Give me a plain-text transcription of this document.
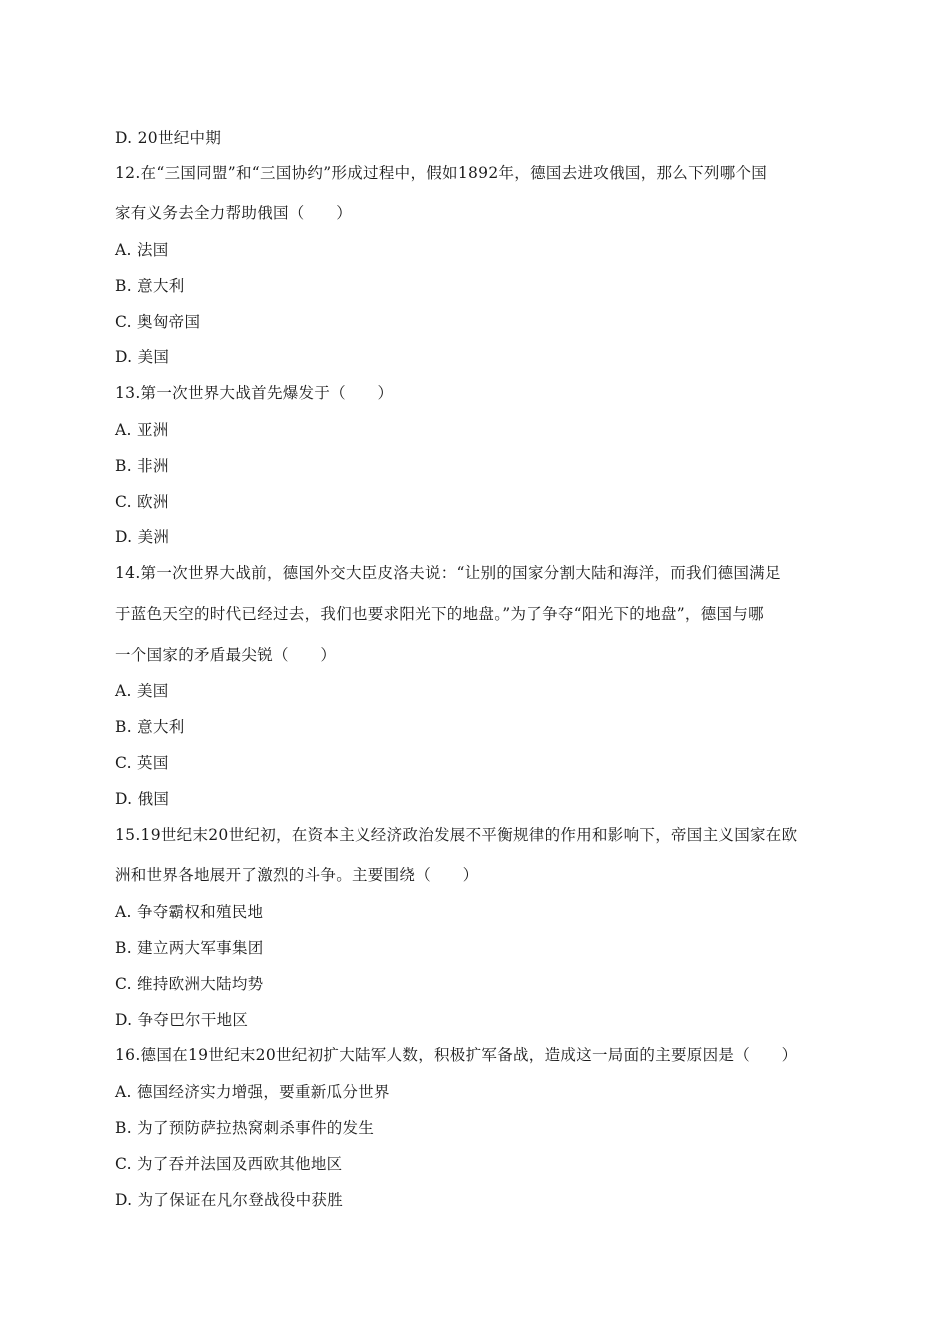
D. 20世纪中期
12.在“三国同盟”和“三国协约”形成过程中，假如1892年，德国去进攻俄国，那么下列哪个国
家有义务去全力帮助俄国（　　）
A. 法国
B. 意大利
C. 奥匈帝国
D. 美国
13.第一次世界大战首先爆发于（　　）
A. 亚洲
B. 非洲
C. 欧洲
D. 美洲
14.第一次世界大战前，德国外交大臣皮洛夫说：“让别的国家分割大陆和海洋，而我们德国满足
于蓝色天空的时代已经过去，我们也要求阳光下的地盘。”为了争夺“阳光下的地盘”，德国与哪
一个国家的矛盾最尖锐（　　）
A. 美国
B. 意大利
C. 英国
D. 俄国
15.19世纪末20世纪初，在资本主义经济政治发展不平衡规律的作用和影响下，帝国主义国家在欧
洲和世界各地展开了激烈的斗争。主要围绕（　　）
A. 争夺霸权和殖民地
B. 建立两大军事集团
C. 维持欧洲大陆均势
D. 争夺巴尔干地区
16.德国在19世纪末20世纪初扩大陆军人数，积极扩军备战，造成这一局面的主要原因是（　　）
A. 德国经济实力增强，要重新瓜分世界
B. 为了预防萨拉热窝刺杀事件的发生
C. 为了吞并法国及西欧其他地区
D. 为了保证在凡尔登战役中获胜
